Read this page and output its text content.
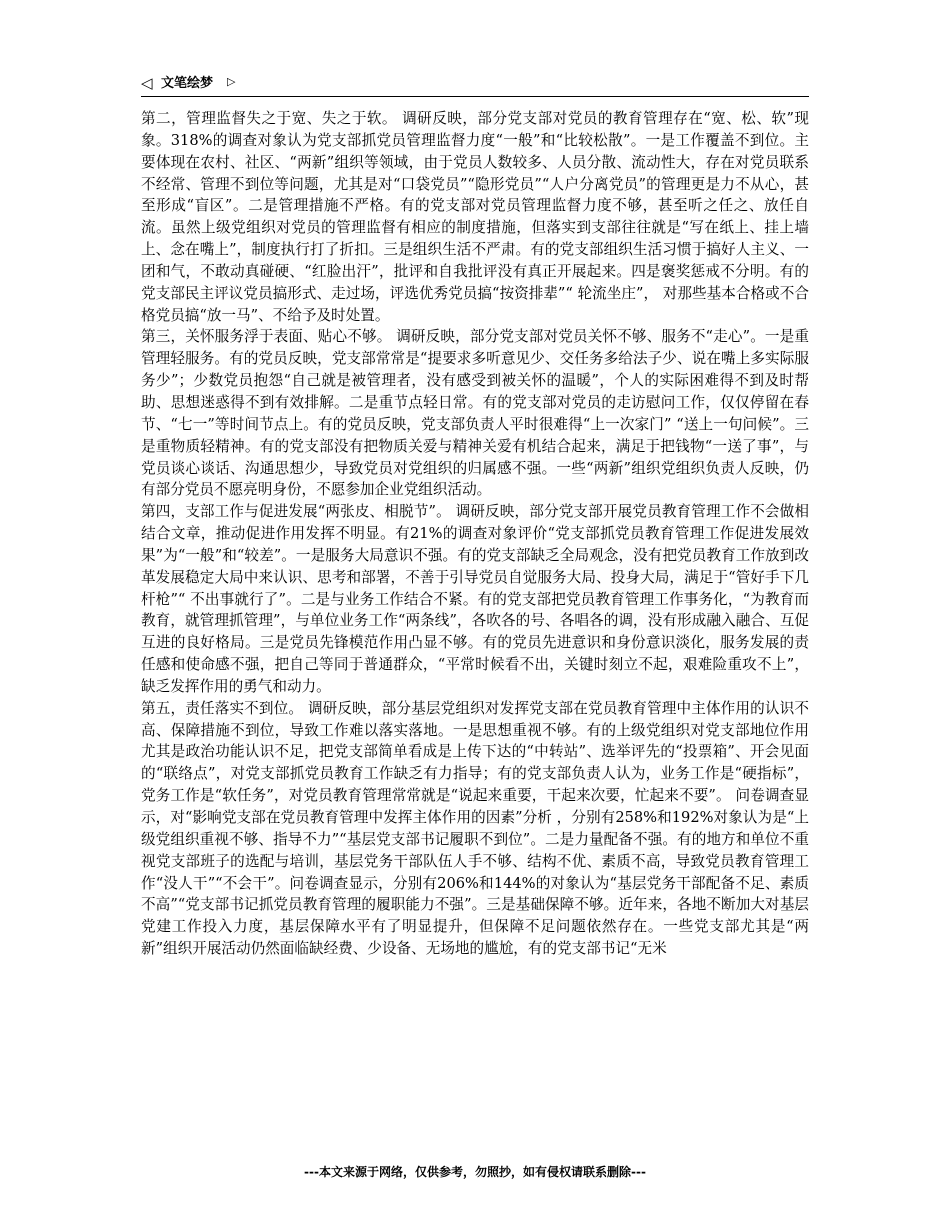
◁ 文笔绘梦 ▷

第二，管理监督失之于宽、失之于软。 调研反映，部分党支部对党员的教育管理存在“宽、松、软”现象。318%的调查对象认为党支部抓党员管理监督力度“一般”和“比较松散”。一是工作覆盖不到位。主要体现在农村、社区、“两新”组织等领域，由于党员人数较多、人员分散、流动性大，存在对党员联系不经常、管理不到位等问题，尤其是对“口袋党员”“隐形党员”“人户分离党员”的管理更是力不从心，甚至形成“盲区”。二是管理措施不严格。有的党支部对党员管理监督力度不够，甚至听之任之、放任自流。虽然上级党组织对党员的管理监督有相应的制度措施，但落实到支部往往就是“写在纸上、挂上墙上、念在嘴上”，制度执行打了折扣。三是组织生活不严肃。有的党支部组织生活习惯于搞好人主义、一团和气，不敢动真碰硬、“红脸出汗”，批评和自我批评没有真正开展起来。四是褒奖惩戒不分明。有的党支部民主评议党员搞形式、走过场，评选优秀党员搞“按资排辈”“ 轮流坐庄”， 对那些基本合格或不合格党员搞“放一马”、不给予及时处置。

第三，关怀服务浮于表面、贴心不够。 调研反映，部分党支部对党员关怀不够、服务不“走心”。一是重管理轻服务。有的党员反映，党支部常常是“提要求多听意见少、交任务多给法子少、说在嘴上多实际服务少”；少数党员抱怨“自己就是被管理者，没有感受到被关怀的温暖”，个人的实际困难得不到及时帮助、思想迷惑得不到有效排解。二是重节点轻日常。有的党支部对党员的走访慰问工作，仅仅停留在春节、“七一”等时间节点上。有的党员反映，党支部负责人平时很难得“上一次家门” “送上一句问候”。三是重物质轻精神。有的党支部没有把物质关爱与精神关爱有机结合起来，满足于把钱物“一送了事”，与党员谈心谈话、沟通思想少，导致党员对党组织的归属感不强。一些“两新”组织党组织负责人反映，仍有部分党员不愿亮明身份，不愿参加企业党组织活动。

第四，支部工作与促进发展“两张皮、相脱节”。 调研反映，部分党支部开展党员教育管理工作不会做相结合文章，推动促进作用发挥不明显。有21%的调查对象评价“党支部抓党员教育管理工作促进发展效果”为“一般”和“较差”。一是服务大局意识不强。有的党支部缺乏全局观念，没有把党员教育工作放到改革发展稳定大局中来认识、思考和部署，不善于引导党员自觉服务大局、投身大局，满足于“管好手下几杆枪”“ 不出事就行了”。二是与业务工作结合不紧。有的党支部把党员教育管理工作事务化，“为教育而教育，就管理抓管理”，与单位业务工作“两条线”，各吹各的号、各唱各的调，没有形成融入融合、互促互进的良好格局。三是党员先锋模范作用凸显不够。有的党员先进意识和身份意识淡化，服务发展的责任感和使命感不强，把自己等同于普通群众，“平常时候看不出，关键时刻立不起，艰难险重攻不上”，缺乏发挥作用的勇气和动力。

第五，责任落实不到位。 调研反映，部分基层党组织对发挥党支部在党员教育管理中主体作用的认识不高、保障措施不到位，导致工作难以落实落地。一是思想重视不够。有的上级党组织对党支部地位作用尤其是政治功能认识不足，把党支部简单看成是上传下达的“中转站”、选举评先的“投票箱”、开会见面的“联络点”，对党支部抓党员教育工作缺乏有力指导；有的党支部负责人认为，业务工作是“硬指标”，党务工作是“软任务”，对党员教育管理常常就是“说起来重要，干起来次要，忙起来不要”。 问卷调查显示，对“影响党支部在党员教育管理中发挥主体作用的因素”分析 ，分别有258%和192%对象认为是“上级党组织重视不够、指导不力”“基层党支部书记履职不到位”。二是力量配备不强。有的地方和单位不重视党支部班子的选配与培训，基层党务干部队伍人手不够、结构不优、素质不高，导致党员教育管理工作“没人干”“不会干”。问卷调查显示，分别有206%和144%的对象认为“基层党务干部配备不足、素质不高”“党支部书记抓党员教育管理的履职能力不强”。三是基础保障不够。近年来，各地不断加大对基层党建工作投入力度，基层保障水平有了明显提升，但保障不足问题依然存在。一些党支部尤其是“两新”组织开展活动仍然面临缺经费、少设备、无场地的尴尬，有的党支部书记“无米

---本文来源于网络，仅供参考，勿照抄，如有侵权请联系删除---
